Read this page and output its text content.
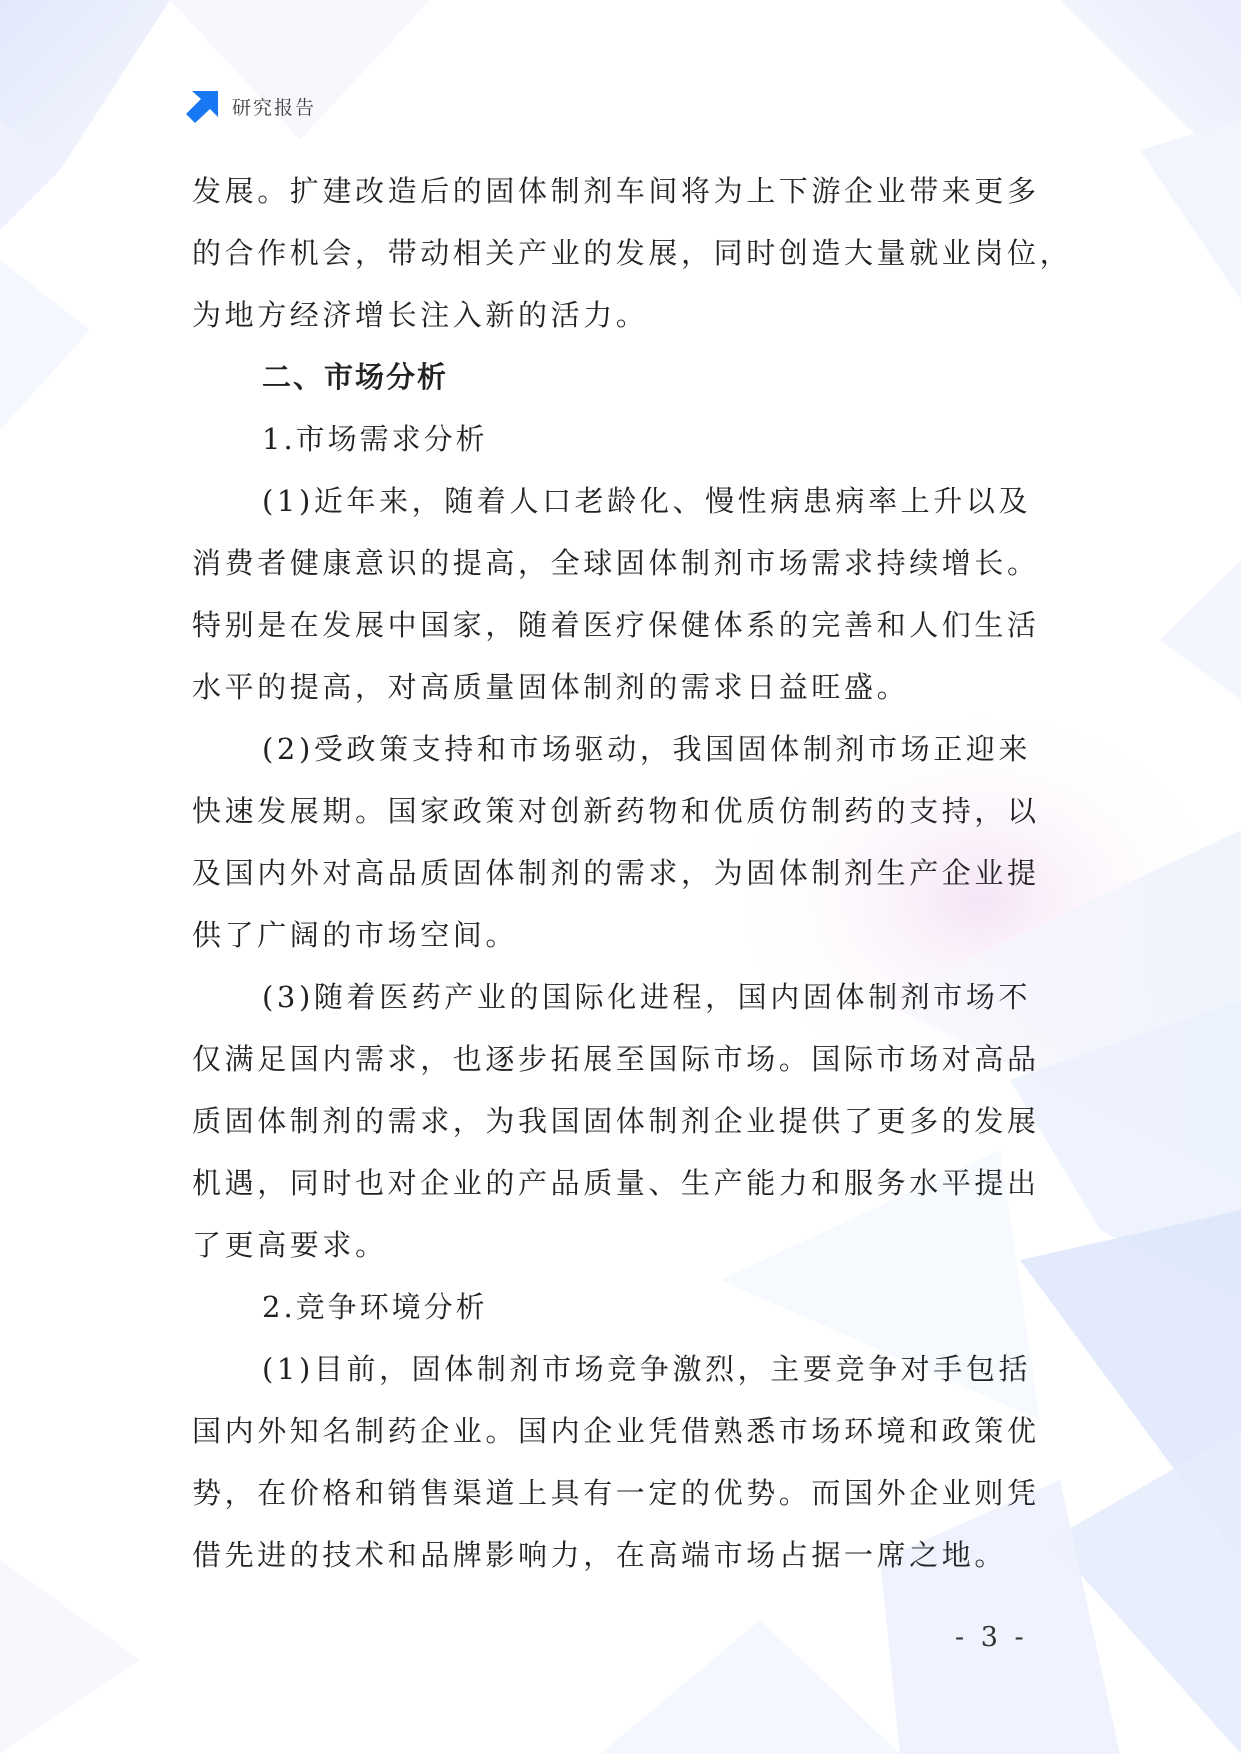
研究报告
发展。扩建改造后的固体制剂车间将为上下游企业带来更多
的合作机会，带动相关产业的发展，同时创造大量就业岗位，
为地方经济增长注入新的活力。
二、市场分析
1.市场需求分析
(1)近年来，随着人口老龄化、慢性病患病率上升以及
消费者健康意识的提高，全球固体制剂市场需求持续增长。
特别是在发展中国家，随着医疗保健体系的完善和人们生活
水平的提高，对高质量固体制剂的需求日益旺盛。
(2)受政策支持和市场驱动，我国固体制剂市场正迎来
快速发展期。国家政策对创新药物和优质仿制药的支持，以
及国内外对高品质固体制剂的需求，为固体制剂生产企业提
供了广阔的市场空间。
(3)随着医药产业的国际化进程，国内固体制剂市场不
仅满足国内需求，也逐步拓展至国际市场。国际市场对高品
质固体制剂的需求，为我国固体制剂企业提供了更多的发展
机遇，同时也对企业的产品质量、生产能力和服务水平提出
了更高要求。
2.竞争环境分析
(1)目前，固体制剂市场竞争激烈，主要竞争对手包括
国内外知名制药企业。国内企业凭借熟悉市场环境和政策优
势，在价格和销售渠道上具有一定的优势。而国外企业则凭
借先进的技术和品牌影响力，在高端市场占据一席之地。
- 3 -
